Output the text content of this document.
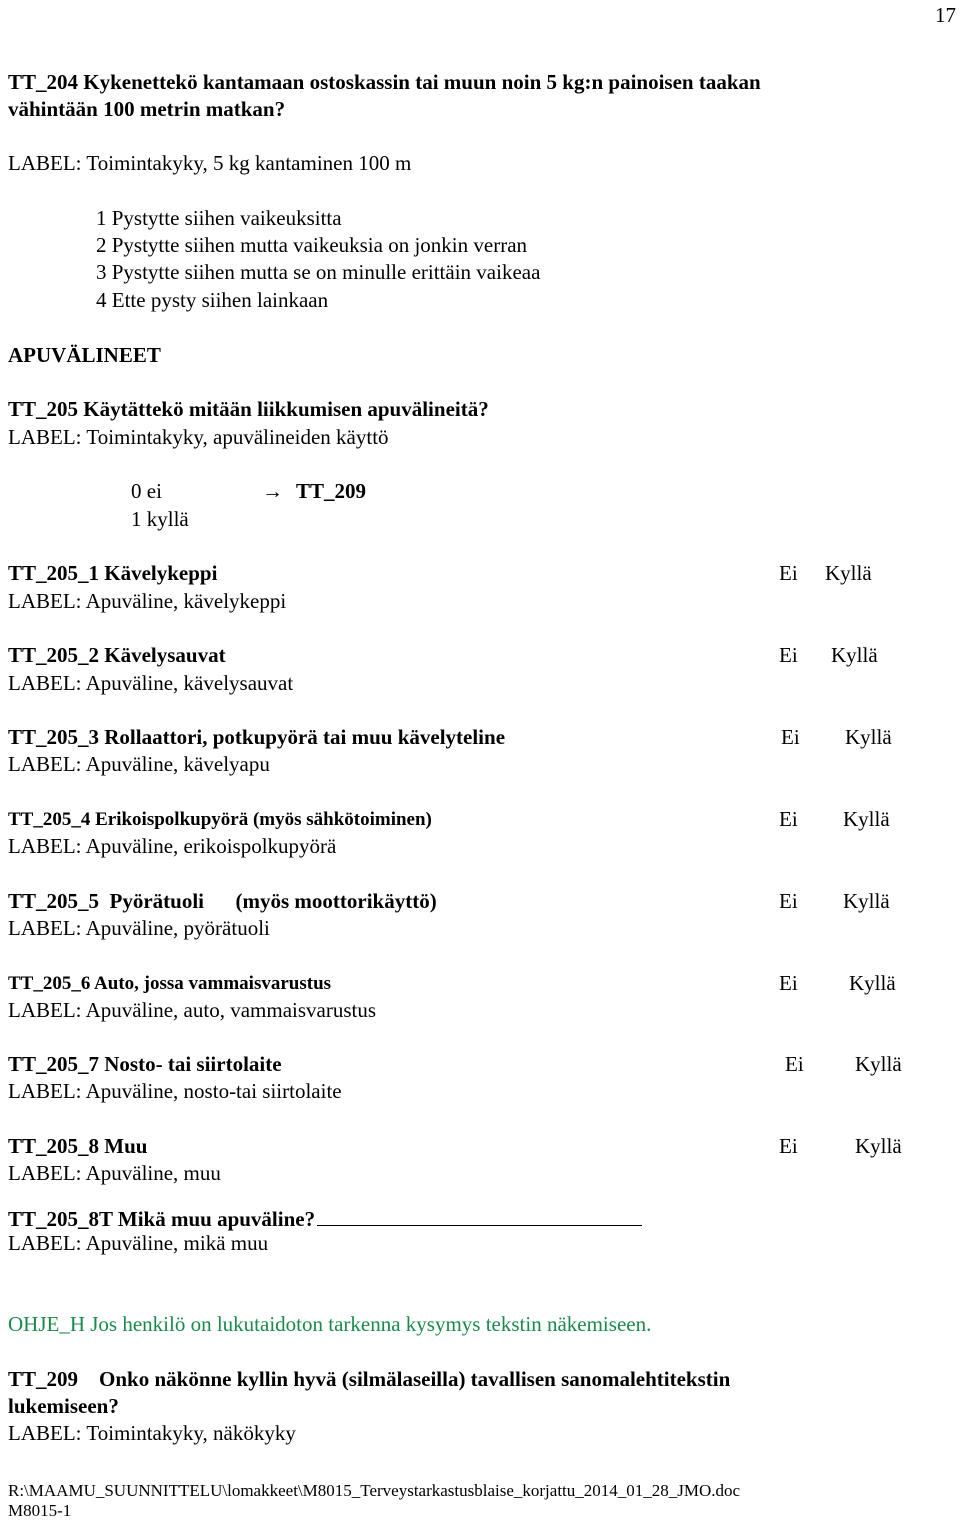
17
TT_204 Kykenettekö kantamaan ostoskassin tai muun noin 5 kg:n painoisen taakan
vähintään 100 metrin matkan?
LABEL: Toimintakyky, 5 kg kantaminen 100 m
1 Pystytte siihen vaikeuksitta
2 Pystytte siihen mutta vaikeuksia on jonkin verran
3 Pystytte siihen mutta se on minulle erittäin vaikeaa
4 Ette pysty siihen lainkaan
APUVÄLINEET
TT_205 Käytättekö mitään liikkumisen apuvälineitä?
LABEL: Toimintakyky, apuvälineiden käyttö
0 ei	→ TT_209
1 kyllä
TT_205_1 Kävelykeppi	Ei Kyllä
LABEL: Apuväline, kävelykeppi
TT_205_2 Kävelysauvat	Ei Kyllä
LABEL: Apuväline, kävelysauvat
TT_205_3 Rollaattori, potkupyörä tai muu kävelyteline	Ei Kyllä
LABEL: Apuväline, kävelyapu
TT_205_4 Erikoispolkupyörä (myös sähkötoiminen)	Ei Kyllä
LABEL: Apuväline, erikoispolkupyörä
TT_205_5  Pyörätuoli      (myös moottorikäyttö)	Ei Kyllä
LABEL: Apuväline, pyörätuoli
TT_205_6 Auto, jossa vammaisvarustus	Ei Kyllä
LABEL: Apuväline, auto, vammaisvarustus
TT_205_7 Nosto- tai siirtolaite	Ei Kyllä
LABEL: Apuväline, nosto-tai siirtolaite
TT_205_8 Muu	Ei	Kyllä
LABEL: Apuväline, muu
TT_205_8T Mikä muu apuväline?
LABEL: Apuväline, mikä muu
OHJE_H Jos henkilö on lukutaidoton tarkenna kysymys tekstin näkemiseen.
TT_209    Onko näkönne kyllin hyvä (silmälaseilla) tavallisen sanomalehtitekstin
lukemiseen?
LABEL: Toimintakyky, näkökyky
R:\MAAMU_SUUNNITTELU\lomakkeet\M8015_Terveystarkastusblaise_korjattu_2014_01_28_JMO.doc
M8015-1
